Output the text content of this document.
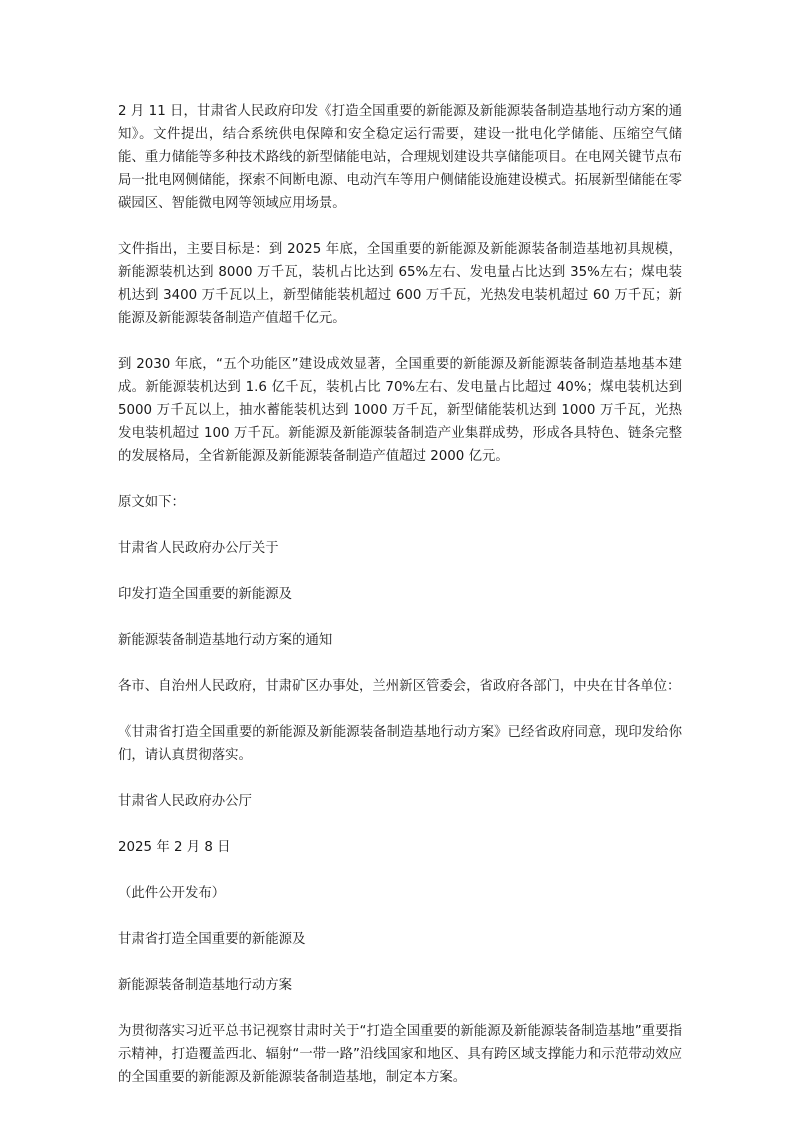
2 月 11 日，甘肃省人民政府印发《打造全国重要的新能源及新能源装备制造基地行动方案的通知》。文件提出，结合系统供电保障和安全稳定运行需要，建设一批电化学储能、压缩空气储能、重力储能等多种技术路线的新型储能电站，合理规划建设共享储能项目。在电网关键节点布局一批电网侧储能，探索不间断电源、电动汽车等用户侧储能设施建设模式。拓展新型储能在零碳园区、智能微电网等领域应用场景。

文件指出，主要目标是：到 2025 年底，全国重要的新能源及新能源装备制造基地初具规模，新能源装机达到 8000 万千瓦，装机占比达到 65%左右、发电量占比达到 35%左右；煤电装机达到 3400 万千瓦以上，新型储能装机超过 600 万千瓦，光热发电装机超过 60 万千瓦；新能源及新能源装备制造产值超千亿元。

到 2030 年底，“五个功能区”建设成效显著，全国重要的新能源及新能源装备制造基地基本建成。新能源装机达到 1.6 亿千瓦，装机占比 70%左右、发电量占比超过 40%；煤电装机达到 5000 万千瓦以上，抽水蓄能装机达到 1000 万千瓦，新型储能装机达到 1000 万千瓦，光热发电装机超过 100 万千瓦。新能源及新能源装备制造产业集群成势，形成各具特色、链条完整的发展格局，全省新能源及新能源装备制造产值超过 2000 亿元。

原文如下：

甘肃省人民政府办公厅关于

印发打造全国重要的新能源及

新能源装备制造基地行动方案的通知

各市、自治州人民政府，甘肃矿区办事处，兰州新区管委会，省政府各部门，中央在甘各单位：

《甘肃省打造全国重要的新能源及新能源装备制造基地行动方案》已经省政府同意，现印发给你们，请认真贯彻落实。

甘肃省人民政府办公厅

2025 年 2 月 8 日

（此件公开发布）

甘肃省打造全国重要的新能源及

新能源装备制造基地行动方案

为贯彻落实习近平总书记视察甘肃时关于“打造全国重要的新能源及新能源装备制造基地”重要指示精神，打造覆盖西北、辐射“一带一路”沿线国家和地区、具有跨区域支撑能力和示范带动效应的全国重要的新能源及新能源装备制造基地，制定本方案。
